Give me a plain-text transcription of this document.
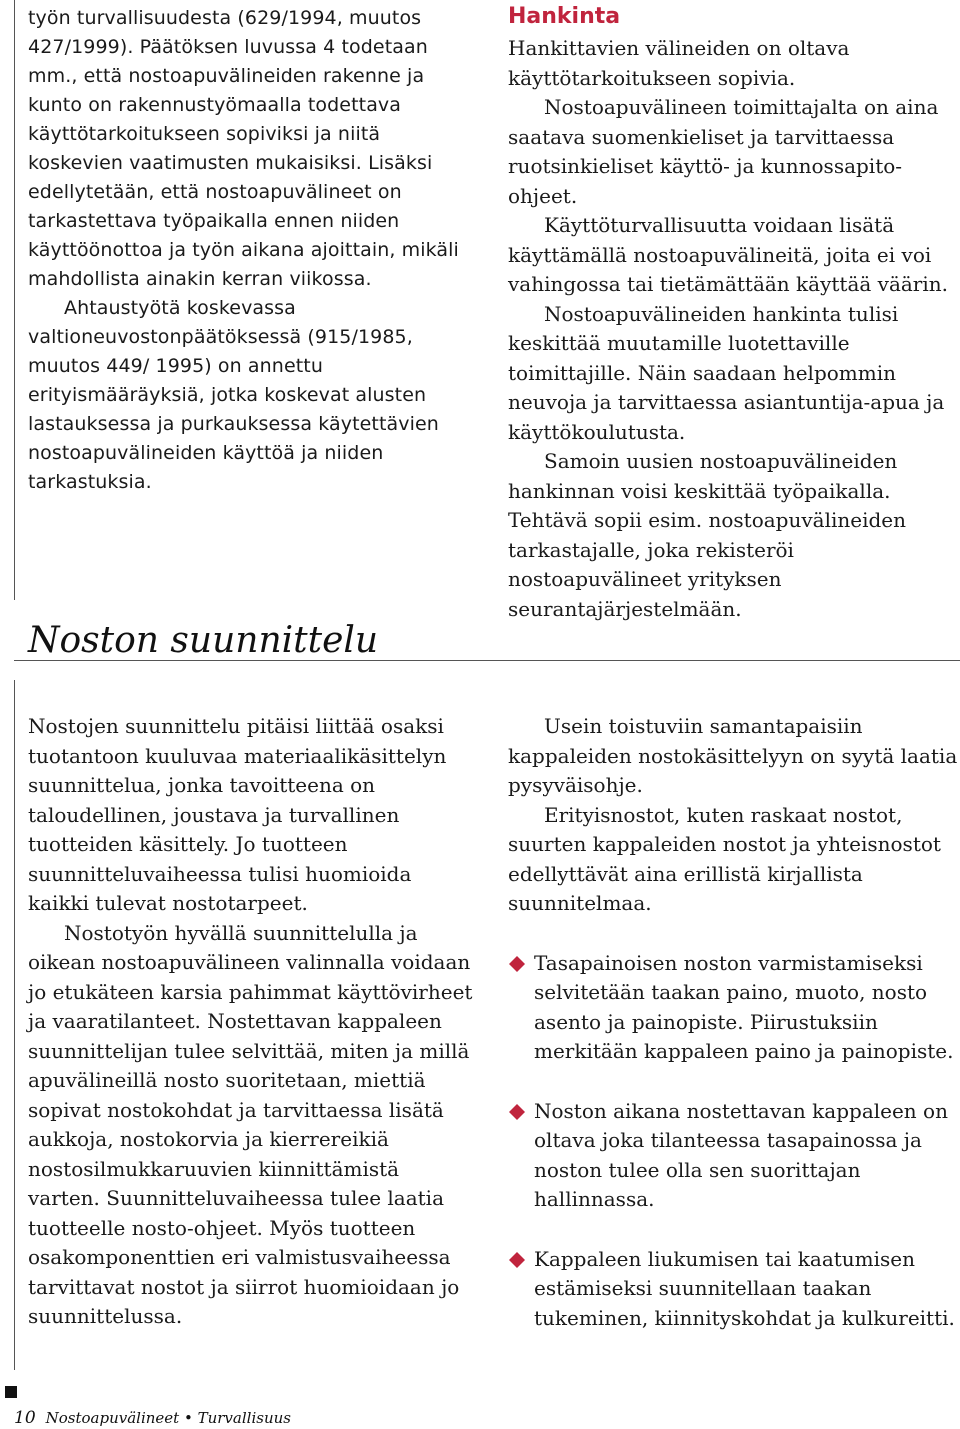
työn turvallisuudesta (629/1994, muutos 427/1999). Päätöksen luvussa 4 todetaan mm., että nostoapuvälineiden rakenne ja kunto on rakennustyömaalla todettava käyttötarkoitukseen sopiviksi ja niitä koskevien vaatimusten mukaisiksi. Lisäksi edellytetään, että nostoapuvälineet on tarkastettava työpaikalla ennen niiden käyttöönottoa ja työn aikana ajoittain, mikäli mahdollista ainakin kerran viikossa.

Ahtaustyötä koskevassa valtioneuvostonpäätöksessä (915/1985, muutos 449/ 1995) on annettu erityismääräyksiä, jotka koskevat alusten lastauksessa ja purkauksessa käytettävien nostoapuvälineiden käyttöä ja niiden tarkastuksia.

Hankinta

Hankittavien välineiden on oltava käyttötarkoitukseen sopivia.

Nostoapuvälineen toimittajalta on aina saatava suomenkieliset ja tarvittaessa ruotsinkieliset käyttö- ja kunnossapito-ohjeet.

Käyttöturvallisuutta voidaan lisätä käyttämällä nostoapuvälineitä, joita ei voi vahingossa tai tietämättään käyttää väärin.

Nostoapuvälineiden hankinta tulisi keskittää muutamille luotettaville toimittajille. Näin saadaan helpommin neuvoja ja tarvittaessa asiantuntija-apua ja käyttökoulutusta.

Samoin uusien nostoapuvälineiden hankinnan voisi keskittää työpaikalla. Tehtävä sopii esim. nostoapuvälineiden tarkastajalle, joka rekisteröi nostoapuvälineet yrityksen seurantajärjestelmään.

Noston suunnittelu

Nostojen suunnittelu pitäisi liittää osaksi tuotantoon kuuluvaa materiaalikäsittelyn suunnittelua, jonka tavoitteena on taloudellinen, joustava ja turvallinen tuotteiden käsittely. Jo tuotteen suunnitteluvaiheessa tulisi huomioida kaikki tulevat nostotarpeet.

Nostotyön hyvällä suunnittelulla ja oikean nostoapuvälineen valinnalla voidaan jo etukäteen karsia pahimmat käyttövirheet ja vaaratilanteet. Nostettavan kappaleen suunnittelijan tulee selvittää, miten ja millä apuvälineillä nosto suoritetaan, miettiä sopivat nostokohdat ja tarvittaessa lisätä aukkoja, nostokorvia ja kierrereikiä nostosilmukkaruuvien kiinnittämistä varten. Suunnitteluvaiheessa tulee laatia tuotteelle nosto-ohjeet. Myös tuotteen osakomponenttien eri valmistusvaiheessa tarvittavat nostot ja siirrot huomioidaan jo suunnittelussa.

Usein toistuviin samantapaisiin kappaleiden nostokäsittelyyn on syytä laatia pysyväisohje.

Erityisnostot, kuten raskaat nostot, suurten kappaleiden nostot ja yhteisnostot edellyttävät aina erillistä kirjallista suunnitelmaa.

Tasapainoisen noston varmistamiseksi selvitetään taakan paino, muoto, nosto asento ja painopiste. Piirustuksiin merkitään kappaleen paino ja painopiste.
Noston aikana nostettavan kappaleen on oltava joka tilanteessa tasapainossa ja noston tulee olla sen suorittajan hallinnassa.
Kappaleen liukumisen tai kaatumisen estämiseksi suunnitellaan taakan tukeminen, kiinnityskohdat ja kulkureitti.

10 Nostoapuvälineet • Turvallisuus
